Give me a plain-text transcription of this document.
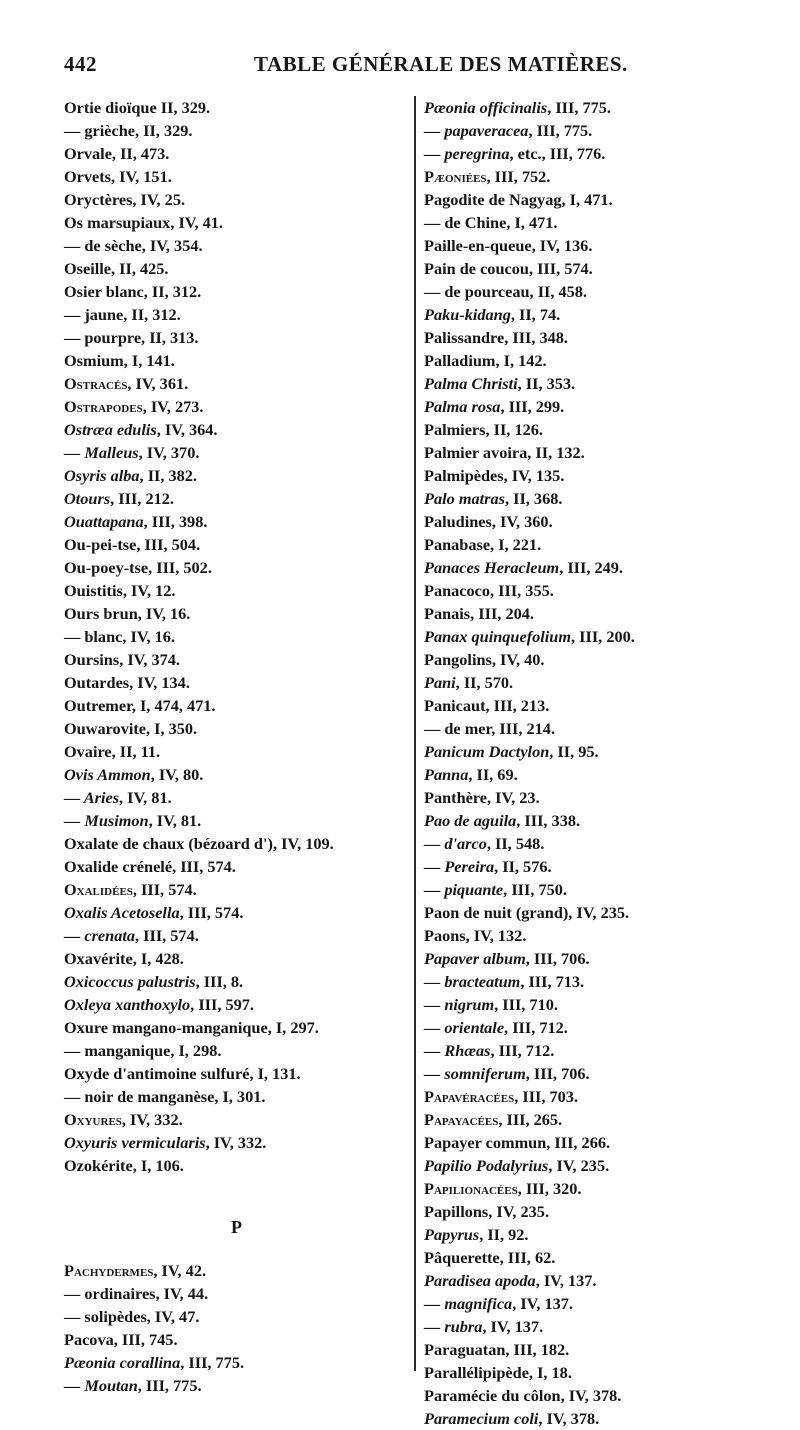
442	TABLE GÉNÉRALE DES MATIÈRES.
Ortie dioïque II, 329.
— grièche, II, 329.
Orvale, II, 473.
Orvets, IV, 151.
Oryctères, IV, 25.
Os marsupiaux, IV, 41.
— de sèche, IV, 354.
Oseille, II, 425.
Osier blanc, II, 312.
— jaune, II, 312.
— pourpre, II, 313.
Osmium, I, 141.
Ostracés, IV, 361.
Ostrapodes, IV, 273.
Ostræa edulis, IV, 364.
— Malleus, IV, 370.
Osyris alba, II, 382.
Otours, III, 212.
Ouattapana, III, 398.
Ou-pei-tse, III, 504.
Ou-poey-tse, III, 502.
Ouistitis, IV, 12.
Ours brun, IV, 16.
— blanc, IV, 16.
Oursins, IV, 374.
Outardes, IV, 134.
Outremer, I, 474, 471.
Ouwarovite, I, 350.
Ovaire, II, 11.
Ovis Ammon, IV, 80.
— Aries, IV, 81.
— Musimon, IV, 81.
Oxalate de chaux (bézoard d'), IV, 109.
Oxalide crénelé, III, 574.
Oxalidées, III, 574.
Oxalis Acetosella, III, 574.
— crenata, III, 574.
Oxavérite, I, 428.
Oxicoccus palustris, III, 8.
Oxleya xanthoxylo, III, 597.
Oxure mangano-manganique, I, 297.
— manganique, I, 298.
Oxyde d'antimoine sulfuré, I, 131.
— noir de manganèse, I, 301.
Oxyures, IV, 332.
Oxyuris vermicularis, IV, 332.
Ozokérite, I, 106.
P
Pachydermes, IV, 42.
— ordinaires, IV, 44.
— solipèdes, IV, 47.
Pacova, III, 745.
Pæonia corallina, III, 775.
— Moutan, III, 775.
Pæonia officinalis, III, 775.
— papaveracea, III, 775.
— peregrina, etc., III, 776.
Pæoniées, III, 752.
Pagodite de Nagyag, I, 471.
— de Chine, I, 471.
Paille-en-queue, IV, 136.
Pain de coucou, III, 574.
— de pourceau, II, 458.
Paku-kidang, II, 74.
Palissandre, III, 348.
Palladium, I, 142.
Palma Christi, II, 353.
Palma rosa, III, 299.
Palmiers, II, 126.
Palmier avoira, II, 132.
Palmipèdes, IV, 135.
Palo matras, II, 368.
Paludines, IV, 360.
Panabase, I, 221.
Panaces Heracleum, III, 249.
Panacoco, III, 355.
Panais, III, 204.
Panax quinquefolium, III, 200.
Pangolins, IV, 40.
Pani, II, 570.
Panicaut, III, 213.
— de mer, III, 214.
Panicum Dactylon, II, 95.
Panna, II, 69.
Panthère, IV, 23.
Pao de aguila, III, 338.
— d'arco, II, 548.
— Pereira, II, 576.
— piquante, III, 750.
Paon de nuit (grand), IV, 235.
Paons, IV, 132.
Papaver album, III, 706.
— bracteatum, III, 713.
— nigrum, III, 710.
— orientale, III, 712.
— Rhæas, III, 712.
— somniferum, III, 706.
Papavéracées, III, 703.
Papayacées, III, 265.
Papayer commun, III, 266.
Papilio Podalyrius, IV, 235.
Papilionacées, III, 320.
Papillons, IV, 235.
Papyrus, II, 92.
Pâquerette, III, 62.
Paradisea apoda, IV, 137.
— magnifica, IV, 137.
— rubra, IV, 137.
Paraguatan, III, 182.
Parallélipipède, I, 18.
Paramécie du côlon, IV, 378.
Paramecium coli, IV, 378.
